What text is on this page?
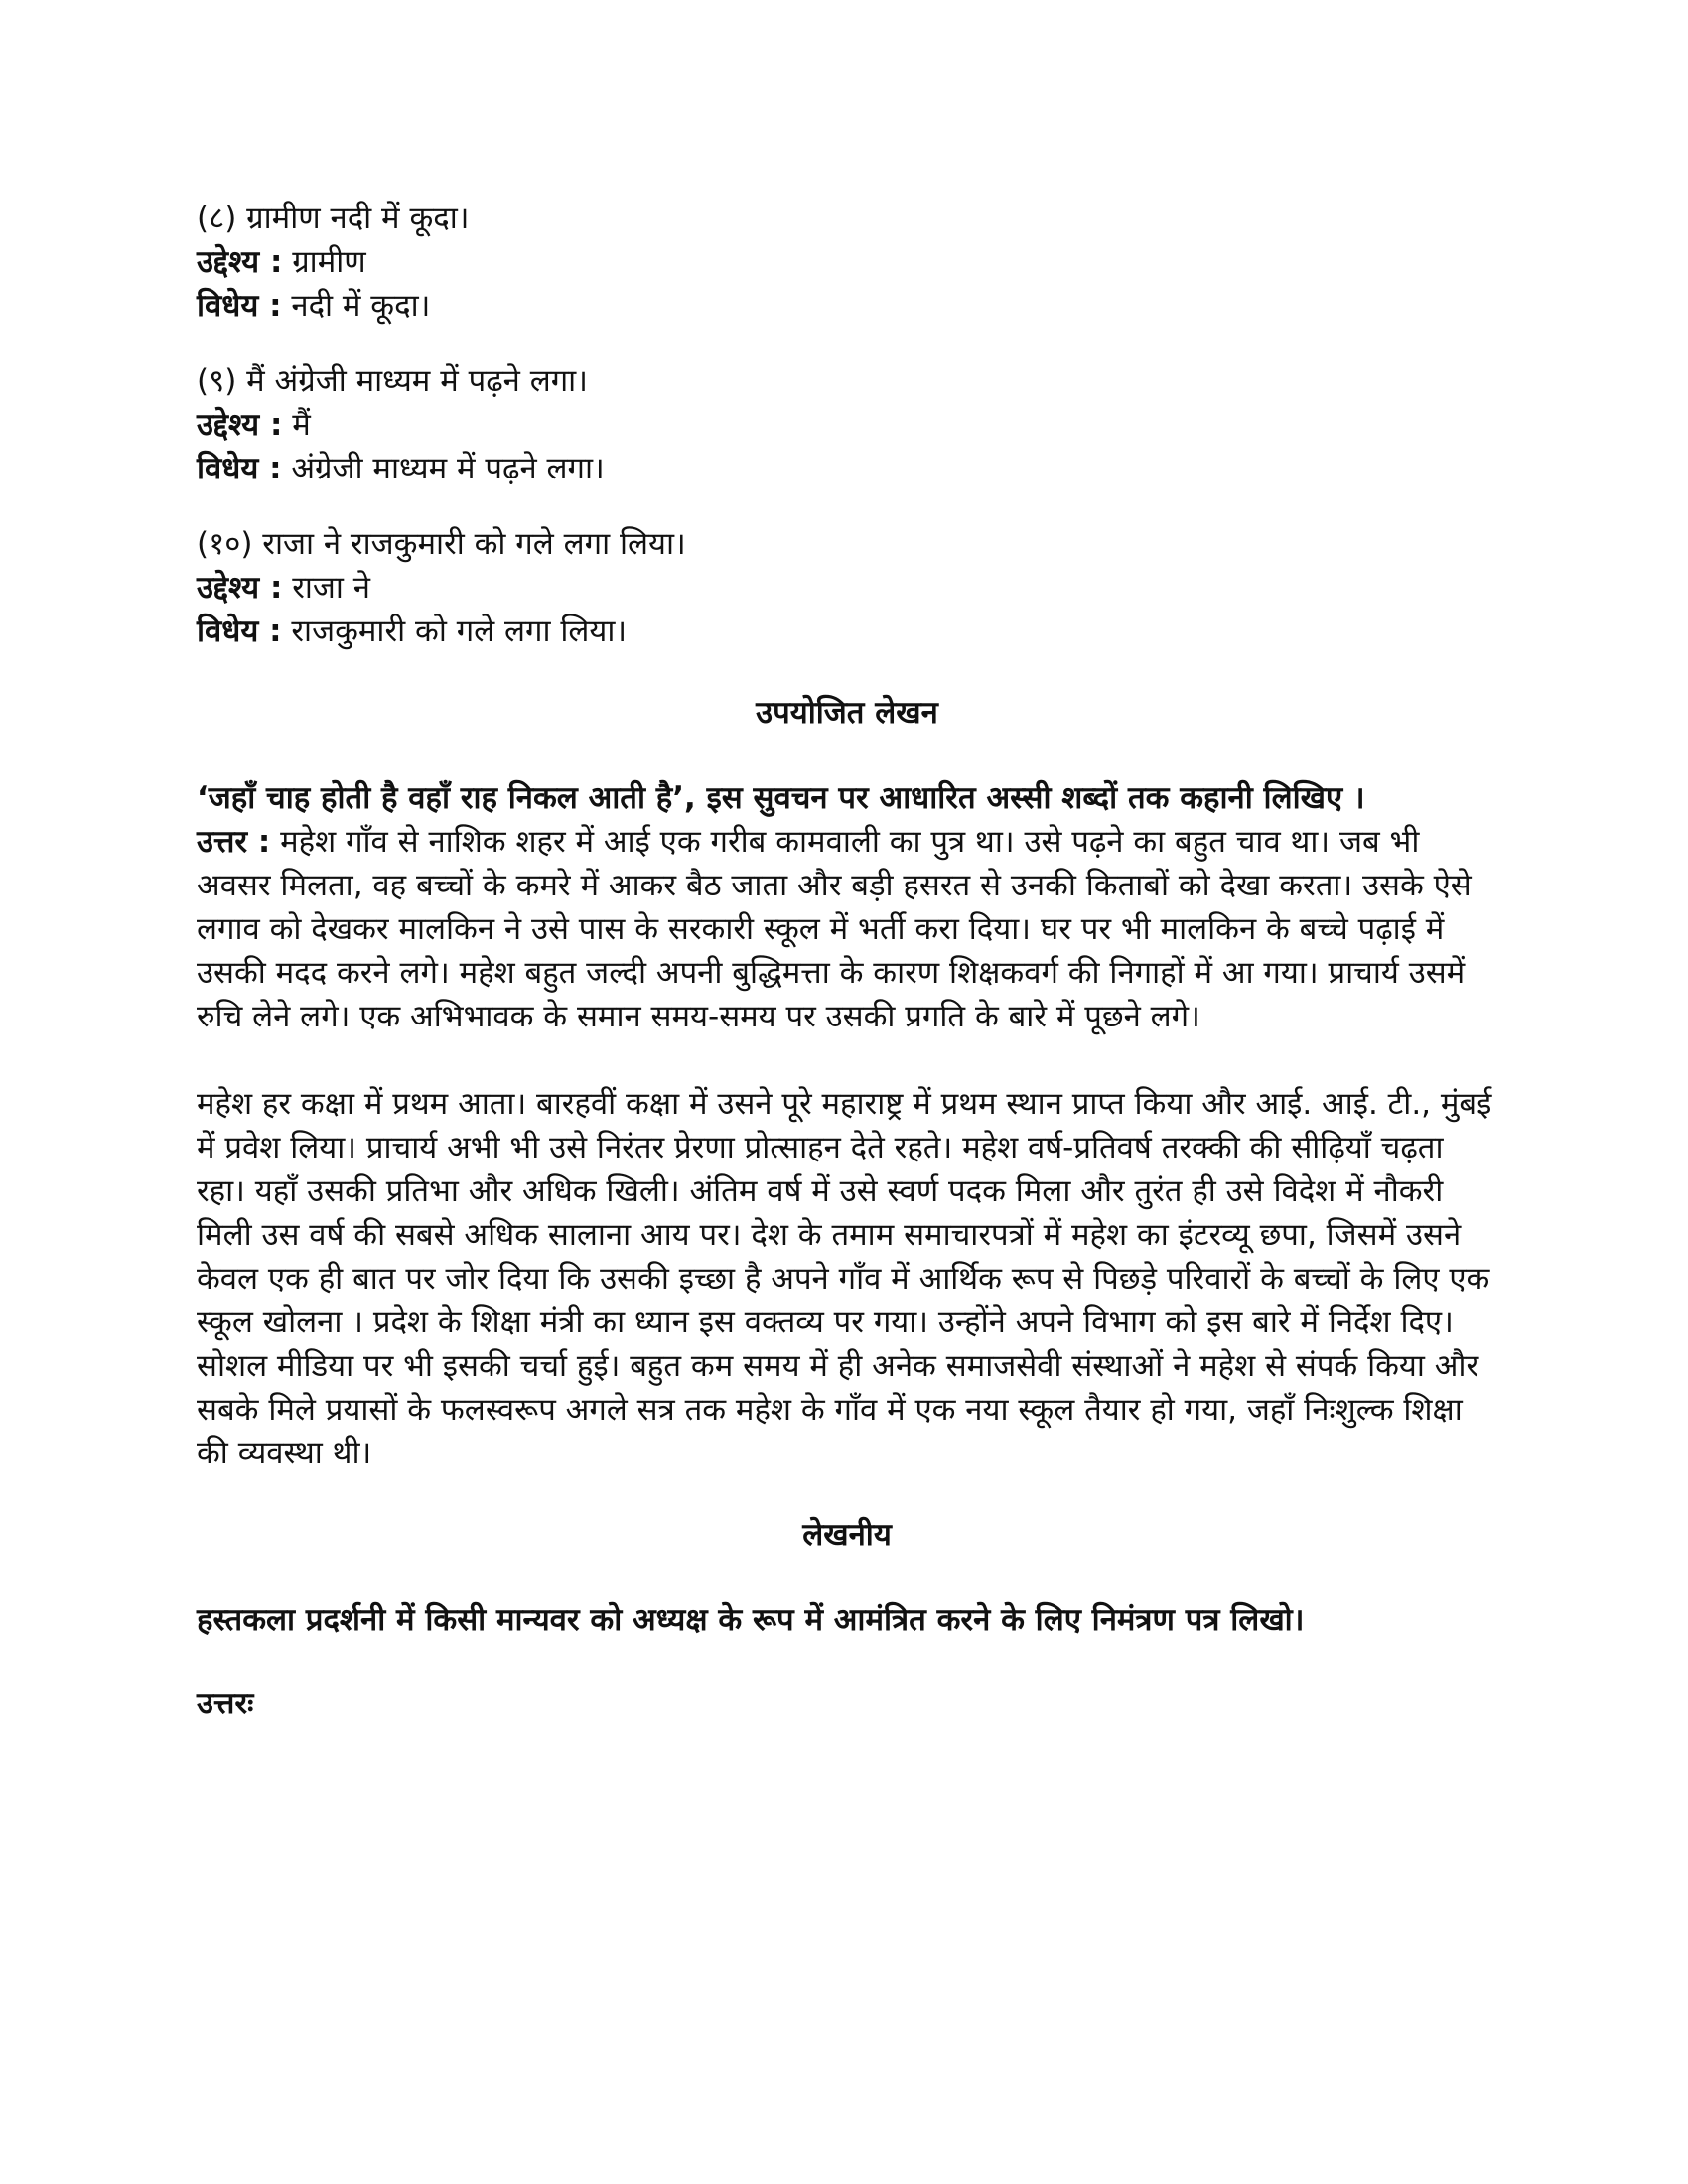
(८) ग्रामीण नदी में कूदा।
उद्देश्य : ग्रामीण
विधेय : नदी में कूदा।
(९) मैं अंग्रेजी माध्यम में पढ़ने लगा।
उद्देश्य : मैं
विधेय : अंग्रेजी माध्यम में पढ़ने लगा।
(१०) राजा ने राजकुमारी को गले लगा लिया।
उद्देश्य : राजा ने
विधेय : राजकुमारी को गले लगा लिया।
उपयोजित लेखन

‘जहाँ चाह होती है वहाँ राह निकल आती है’, इस सुवचन पर आधारित अस्सी शब्दों तक कहानी लिखिए ।

उत्तर : महेश गाँव से नाशिक शहर में आई एक गरीब कामवाली का पुत्र था। उसे पढ़ने का बहुत चाव था। जब भी अवसर मिलता, वह बच्चों के कमरे में आकर बैठ जाता और बड़ी हसरत से उनकी किताबों को देखा करता। उसके ऐसे लगाव को देखकर मालकिन ने उसे पास के सरकारी स्कूल में भर्ती करा दिया। घर पर भी मालकिन के बच्चे पढ़ाई में उसकी मदद करने लगे। महेश बहुत जल्दी अपनी बुद्धिमत्ता के कारण शिक्षकवर्ग की निगाहों में आ गया। प्राचार्य उसमें रुचि लेने लगे। एक अभिभावक के समान समय-समय पर उसकी प्रगति के बारे में पूछने लगे।

महेश हर कक्षा में प्रथम आता। बारहवीं कक्षा में उसने पूरे महाराष्ट्र में प्रथम स्थान प्राप्त किया और आई. आई. टी., मुंबई में प्रवेश लिया। प्राचार्य अभी भी उसे निरंतर प्रेरणा प्रोत्साहन देते रहते। महेश वर्ष-प्रतिवर्ष तरक्की की सीढ़ियाँ चढ़ता रहा। यहाँ उसकी प्रतिभा और अधिक खिली। अंतिम वर्ष में उसे स्वर्ण पदक मिला और तुरंत ही उसे विदेश में नौकरी मिली उस वर्ष की सबसे अधिक सालाना आय पर। देश के तमाम समाचारपत्रों में महेश का इंटरव्यू छपा, जिसमें उसने केवल एक ही बात पर जोर दिया कि उसकी इच्छा है अपने गाँव में आर्थिक रूप से पिछड़े परिवारों के बच्चों के लिए एक स्कूल खोलना । प्रदेश के शिक्षा मंत्री का ध्यान इस वक्तव्य पर गया। उन्होंने अपने विभाग को इस बारे में निर्देश दिए। सोशल मीडिया पर भी इसकी चर्चा हुई। बहुत कम समय में ही अनेक समाजसेवी संस्थाओं ने महेश से संपर्क किया और सबके मिले प्रयासों के फलस्वरूप अगले सत्र तक महेश के गाँव में एक नया स्कूल तैयार हो गया, जहाँ निःशुल्क शिक्षा की व्यवस्था थी।

लेखनीय

हस्तकला प्रदर्शनी में किसी मान्यवर को अध्यक्ष के रूप में आमंत्रित करने के लिए निमंत्रण पत्र लिखो।

उत्तरः
